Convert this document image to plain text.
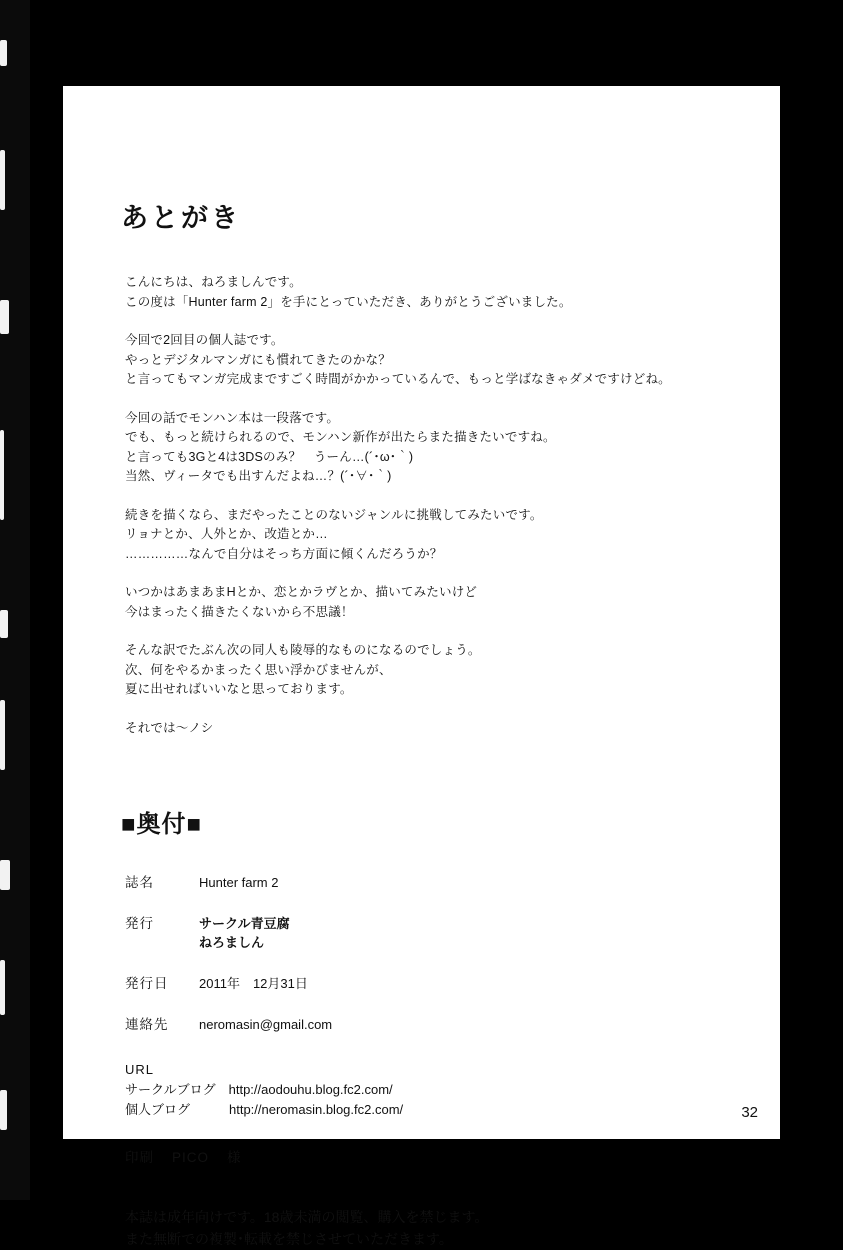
あとがき
こんにちは、ねろましんです。
この度は「Hunter farm 2」を手にとっていただき、ありがとうございました。
今回で2回目の個人誌です。
やっとデジタルマンガにも慣れてきたのかな？
と言ってもマンガ完成まですごく時間がかかっているんで、もっと学ばなきゃダメですけどね。
今回の話でモンハン本は一段落です。
でも、もっと続けられるので、モンハン新作が出たらまた描きたいですね。
と言っても3Gと4は3DSのみ？　うーん…(´･ω･｀)
当然、ヴィータでも出すんだよね…？(´･∀･｀)
続きを描くなら、まだやったことのないジャンルに挑戦してみたいです。
リョナとか、人外とか、改造とか…
……………なんで自分はそっち方面に傾くんだろうか？
いつかはあまあまHとか、恋とかラヴとか、描いてみたいけど
今はまったく描きたくないから不思議！
そんな訳でたぶん次の同人も陵辱的なものになるのでしょう。
次、何をやるかまったく思い浮かびませんが、
夏に出せればいいなと思っております。
それでは〜ノシ
■奥付■
誌名	Hunter farm 2
発行	サークル青豆腐
ねろましん
発行日	2011年　12月31日
連絡先	neromasin@gmail.com
URL
サークルブログ　http://aodouhu.blog.fc2.com/
個人ブログ　　　http://neromasin.blog.fc2.com/
印刷 PICO 様
本誌は成年向けです。18歳未満の閲覧、購入を禁じます。
また無断での複製･転載を禁じさせていただきます。
32
